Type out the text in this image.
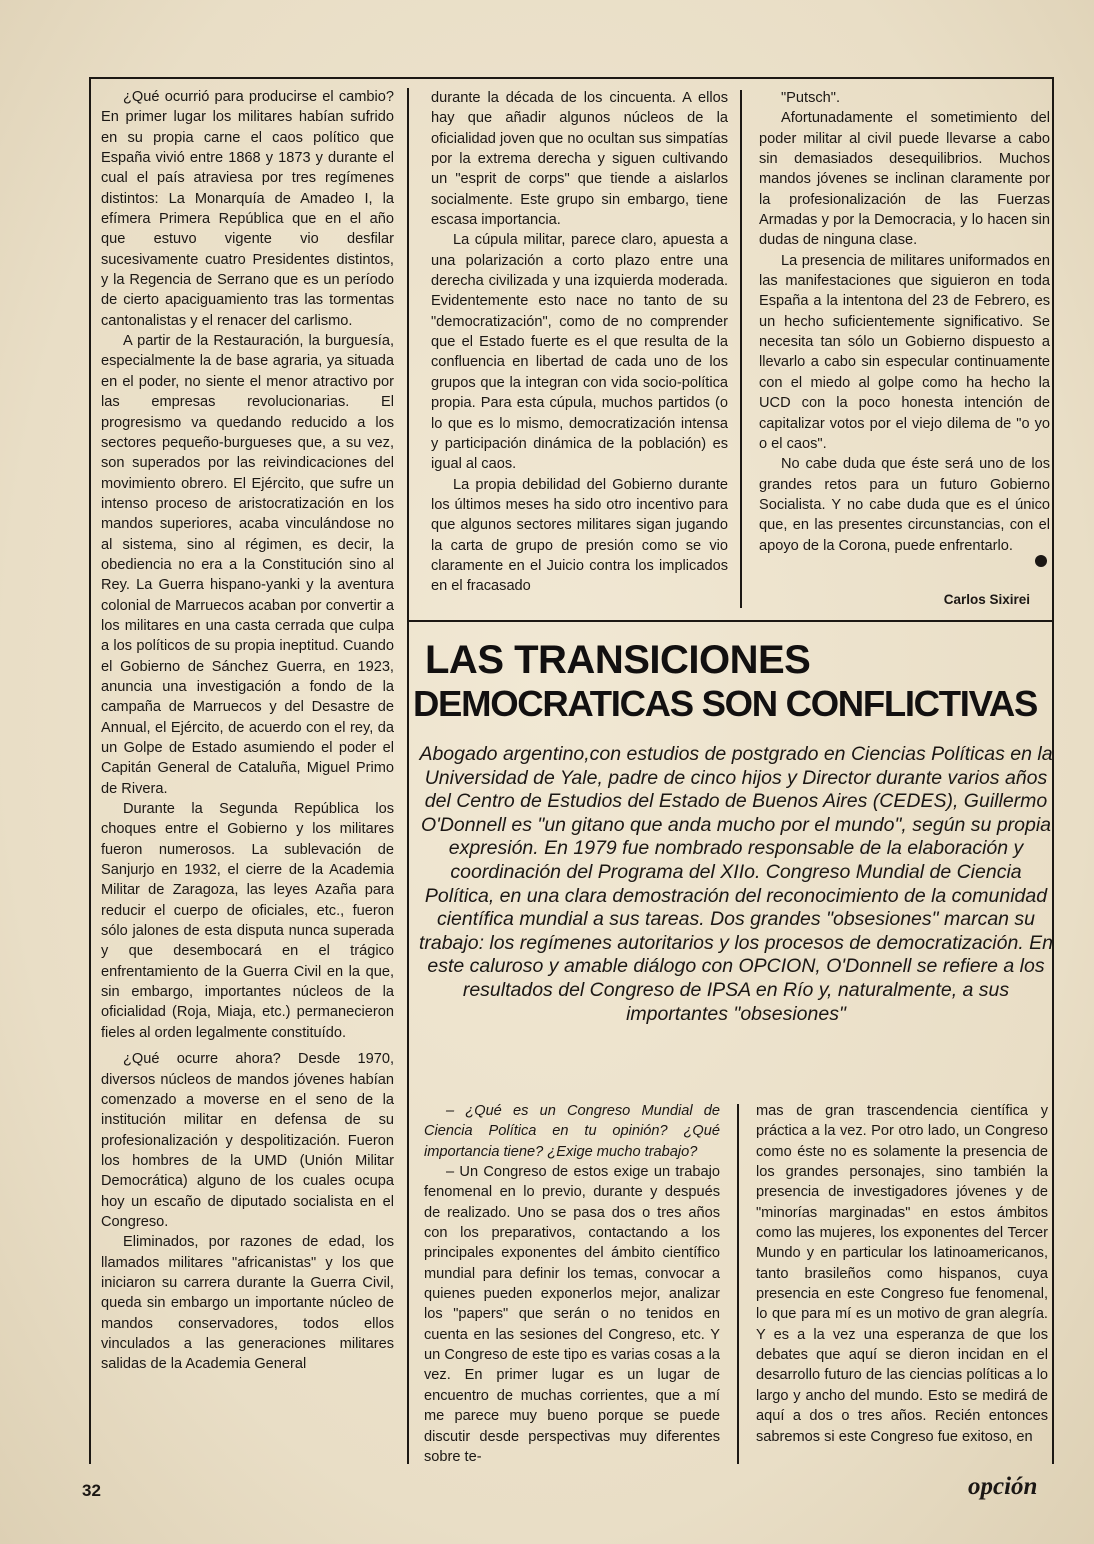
¿Qué ocurrió para producirse el cambio? En primer lugar los militares habían sufrido en su propia carne el caos político que España vivió entre 1868 y 1873 y durante el cual el país atraviesa por tres regímenes distintos: La Monarquía de Amadeo I, la efímera Primera República que en el año que estuvo vigente vio desfilar sucesivamente cuatro Presidentes distintos, y la Regencia de Serrano que es un período de cierto apaciguamiento tras las tormentas cantonalistas y el renacer del carlismo.

A partir de la Restauración, la burguesía, especialmente la de base agraria, ya situada en el poder, no siente el menor atractivo por las empresas revolucionarias. El progresismo va quedando reducido a los sectores pequeño-burgueses que, a su vez, son superados por las reivindicaciones del movimiento obrero. El Ejército, que sufre un intenso proceso de aristocratización en los mandos superiores, acaba vinculándose no al sistema, sino al régimen, es decir, la obediencia no era a la Constitución sino al Rey. La Guerra hispano-yanki y la aventura colonial de Marruecos acaban por convertir a los militares en una casta cerrada que culpa a los políticos de su propia ineptitud. Cuando el Gobierno de Sánchez Guerra, en 1923, anuncia una investigación a fondo de la campaña de Marruecos y del Desastre de Annual, el Ejército, de acuerdo con el rey, da un Golpe de Estado asumiendo el poder el Capitán General de Cataluña, Miguel Primo de Rivera.

Durante la Segunda República los choques entre el Gobierno y los militares fueron numerosos. La sublevación de Sanjurjo en 1932, el cierre de la Academia Militar de Zaragoza, las leyes Azaña para reducir el cuerpo de oficiales, etc., fueron sólo jalones de esta disputa nunca superada y que desembocará en el trágico enfrentamiento de la Guerra Civil en la que, sin embargo, importantes núcleos de la oficialidad (Roja, Miaja, etc.) permanecieron fieles al orden legalmente constituído.

¿Qué ocurre ahora? Desde 1970, diversos núcleos de mandos jóvenes habían comenzado a moverse en el seno de la institución militar en defensa de su profesionalización y despolitización. Fueron los hombres de la UMD (Unión Militar Democrática) alguno de los cuales ocupa hoy un escaño de diputado socialista en el Congreso.

Eliminados, por razones de edad, los llamados militares "africanistas" y los que iniciaron su carrera durante la Guerra Civil, queda sin embargo un importante núcleo de mandos conservadores, todos ellos vinculados a las generaciones militares salidas de la Academia General

durante la década de los cincuenta. A ellos hay que añadir algunos núcleos de la oficialidad joven que no ocultan sus simpatías por la extrema derecha y siguen cultivando un "esprit de corps" que tiende a aislarlos socialmente. Este grupo sin embargo, tiene escasa importancia.

La cúpula militar, parece claro, apuesta a una polarización a corto plazo entre una derecha civilizada y una izquierda moderada. Evidentemente esto nace no tanto de su "democratización", como de no comprender que el Estado fuerte es el que resulta de la confluencia en libertad de cada uno de los grupos que la integran con vida socio-política propia. Para esta cúpula, muchos partidos (o lo que es lo mismo, democratización intensa y participación dinámica de la población) es igual al caos.

La propia debilidad del Gobierno durante los últimos meses ha sido otro incentivo para que algunos sectores militares sigan jugando la carta de grupo de presión como se vio claramente en el Juicio contra los implicados en el fracasado

"Putsch".

Afortunadamente el sometimiento del poder militar al civil puede llevarse a cabo sin demasiados desequilibrios. Muchos mandos jóvenes se inclinan claramente por la profesionalización de las Fuerzas Armadas y por la Democracia, y lo hacen sin dudas de ninguna clase.

La presencia de militares uniformados en las manifestaciones que siguieron en toda España a la intentona del 23 de Febrero, es un hecho suficientemente significativo. Se necesita tan sólo un Gobierno dispuesto a llevarlo a cabo sin especular continuamente con el miedo al golpe como ha hecho la UCD con la poco honesta intención de capitalizar votos por el viejo dilema de "o yo o el caos".

No cabe duda que éste será uno de los grandes retos para un futuro Gobierno Socialista. Y no cabe duda que es el único que, en las presentes circunstancias, con el apoyo de la Corona, puede enfrentarlo.

Carlos Sixirei
LAS TRANSICIONES
DEMOCRATICAS SON CONFLICTIVAS
Abogado argentino,con estudios de postgrado en Ciencias Políticas en la Universidad de Yale, padre de cinco hijos y Director durante varios años del Centro de Estudios del Estado de Buenos Aires (CEDES), Guillermo O'Donnell es "un gitano que anda mucho por el mundo", según su propia expresión. En 1979 fue nombrado responsable de la elaboración y coordinación del Programa del XIIo. Congreso Mundial de Ciencia Política, en una clara demostración del reconocimiento de la comunidad científica mundial a sus tareas. Dos grandes "obsesiones" marcan su trabajo: los regímenes autoritarios y los procesos de democratización. En este caluroso y amable diálogo con OPCION, O'Donnell se refiere a los resultados del Congreso de IPSA en Río y, naturalmente, a sus importantes "obsesiones"

– ¿Qué es un Congreso Mundial de Ciencia Política en tu opinión? ¿Qué importancia tiene? ¿Exige mucho trabajo?

– Un Congreso de estos exige un trabajo fenomenal en lo previo, durante y después de realizado. Uno se pasa dos o tres años con los preparativos, contactando a los principales exponentes del ámbito científico mundial para definir los temas, convocar a quienes pueden exponerlos mejor, analizar los "papers" que serán o no tenidos en cuenta en las sesiones del Congreso, etc. Y un Congreso de este tipo es varias cosas a la vez. En primer lugar es un lugar de encuentro de muchas corrientes, que a mí me parece muy bueno porque se puede discutir desde perspectivas muy diferentes sobre te-

mas de gran trascendencia científica y práctica a la vez. Por otro lado, un Congreso como éste no es solamente la presencia de los grandes personajes, sino también la presencia de investigadores jóvenes y de "minorías marginadas" en estos ámbitos como las mujeres, los exponentes del Tercer Mundo y en particular los latinoamericanos, tanto brasileños como hispanos, cuya presencia en este Congreso fue fenomenal, lo que para mí es un motivo de gran alegría. Y es a la vez una esperanza de que los debates que aquí se dieron incidan en el desarrollo futuro de las ciencias políticas a lo largo y ancho del mundo. Esto se medirá de aquí a dos o tres años. Recién entonces sabremos si este Congreso fue exitoso, en

32	opción
